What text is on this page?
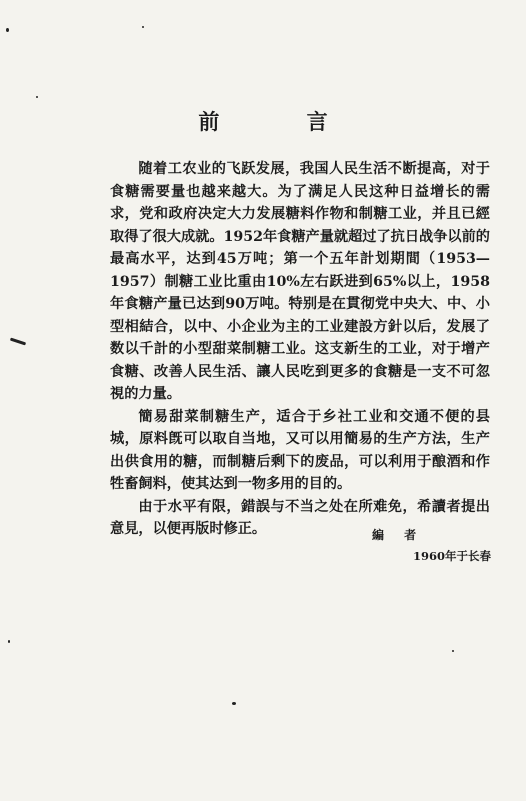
前 言

随着工农业的飞跃发展，我国人民生活不断提高，对于食糖需要量也越来越大。为了满足人民这种日益增长的需求，党和政府决定大力发展糖料作物和制糖工业，并且已經取得了很大成就。1952年食糖产量就超过了抗日战争以前的最高水平，达到45万吨；第一个五年計划期間（1953—1957）制糖工业比重由10%左右跃进到65%以上，1958年食糖产量已达到90万吨。特别是在貫彻党中央大、中、小型相結合，以中、小企业为主的工业建設方針以后，发展了数以千計的小型甜菜制糖工业。这支新生的工业，对于增产食糖、改善人民生活、讓人民吃到更多的食糖是一支不可忽視的力量。

簡易甜菜制糖生产，适合于乡社工业和交通不便的县城，原料旣可以取自当地，又可以用簡易的生产方法，生产出供食用的糖，而制糖后剩下的废品，可以利用于酿酒和作牲畜飼料，使其达到一物多用的目的。

由于水平有限，錯誤与不当之处在所难免，希讀者提出意見，以便再版时修正。	編 者
1960年于长春
